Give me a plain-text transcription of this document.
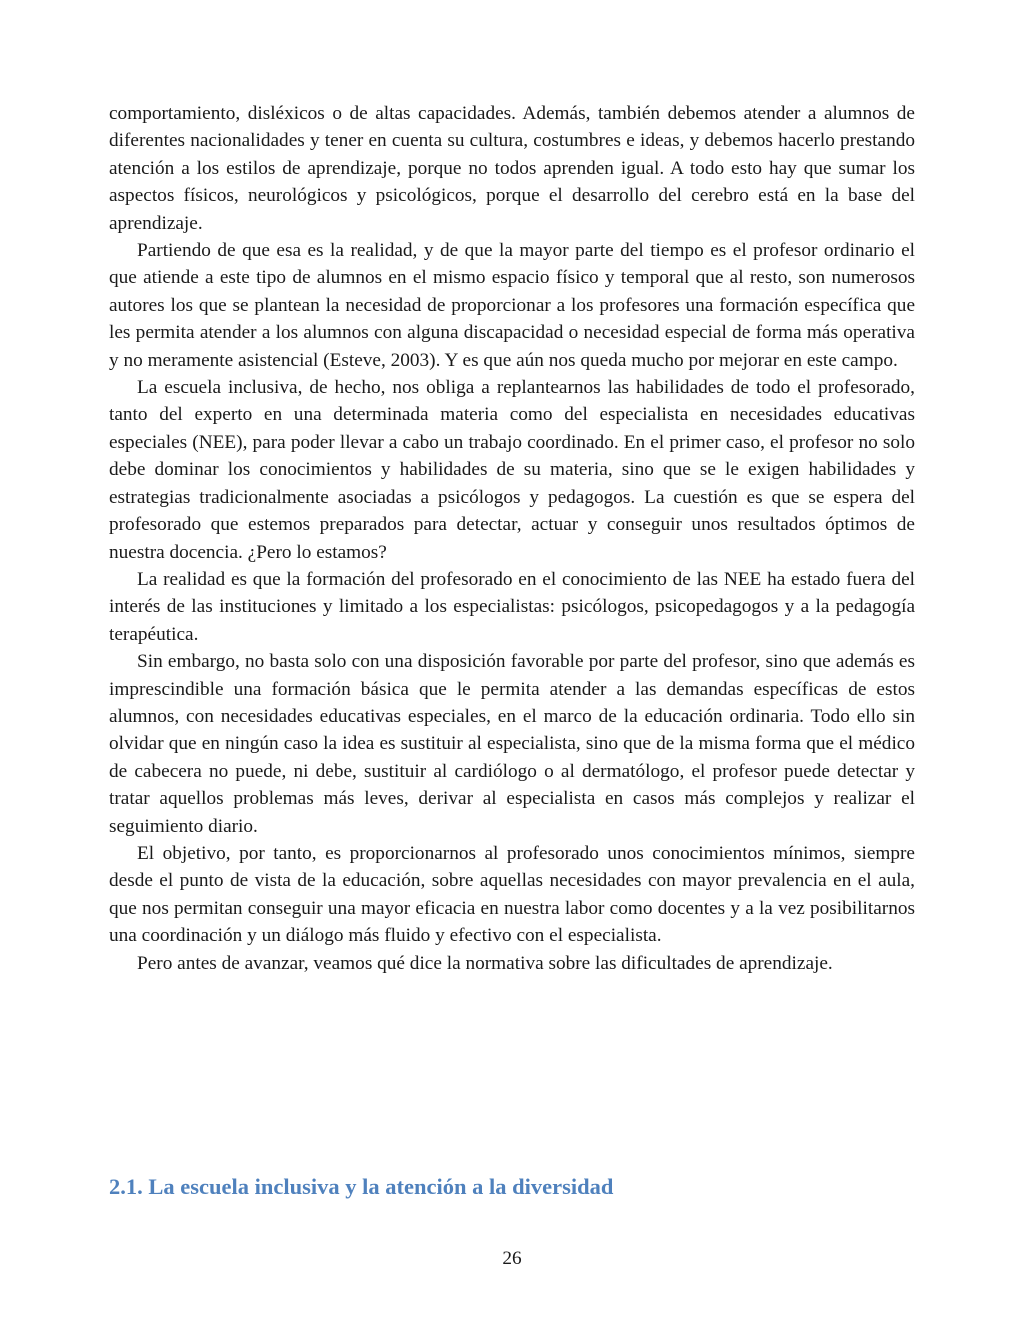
comportamiento, disléxicos o de altas capacidades. Además, también debemos atender a alumnos de diferentes nacionalidades y tener en cuenta su cultura, costumbres e ideas, y debemos hacerlo prestando atención a los estilos de aprendizaje, porque no todos aprenden igual. A todo esto hay que sumar los aspectos físicos, neurológicos y psicológicos, porque el desarrollo del cerebro está en la base del aprendizaje.

Partiendo de que esa es la realidad, y de que la mayor parte del tiempo es el profesor ordinario el que atiende a este tipo de alumnos en el mismo espacio físico y temporal que al resto, son numerosos autores los que se plantean la necesidad de proporcionar a los profesores una formación específica que les permita atender a los alumnos con alguna discapacidad o necesidad especial de forma más operativa y no meramente asistencial (Esteve, 2003). Y es que aún nos queda mucho por mejorar en este campo.

La escuela inclusiva, de hecho, nos obliga a replantearnos las habilidades de todo el profesorado, tanto del experto en una determinada materia como del especialista en necesidades educativas especiales (NEE), para poder llevar a cabo un trabajo coordinado. En el primer caso, el profesor no solo debe dominar los conocimientos y habilidades de su materia, sino que se le exigen habilidades y estrategias tradicionalmente asociadas a psicólogos y pedagogos. La cuestión es que se espera del profesorado que estemos preparados para detectar, actuar y conseguir unos resultados óptimos de nuestra docencia. ¿Pero lo estamos?

La realidad es que la formación del profesorado en el conocimiento de las NEE ha estado fuera del interés de las instituciones y limitado a los especialistas: psicólogos, psicopedagogos y a la pedagogía terapéutica.

Sin embargo, no basta solo con una disposición favorable por parte del profesor, sino que además es imprescindible una formación básica que le permita atender a las demandas específicas de estos alumnos, con necesidades educativas especiales, en el marco de la educación ordinaria. Todo ello sin olvidar que en ningún caso la idea es sustituir al especialista, sino que de la misma forma que el médico de cabecera no puede, ni debe, sustituir al cardiólogo o al dermatólogo, el profesor puede detectar y tratar aquellos problemas más leves, derivar al especialista en casos más complejos y realizar el seguimiento diario.

El objetivo, por tanto, es proporcionarnos al profesorado unos conocimientos mínimos, siempre desde el punto de vista de la educación, sobre aquellas necesidades con mayor prevalencia en el aula, que nos permitan conseguir una mayor eficacia en nuestra labor como docentes y a la vez posibilitarnos una coordinación y un diálogo más fluido y efectivo con el especialista.

Pero antes de avanzar, veamos qué dice la normativa sobre las dificultades de aprendizaje.

2.1. La escuela inclusiva y la atención a la diversidad

26
